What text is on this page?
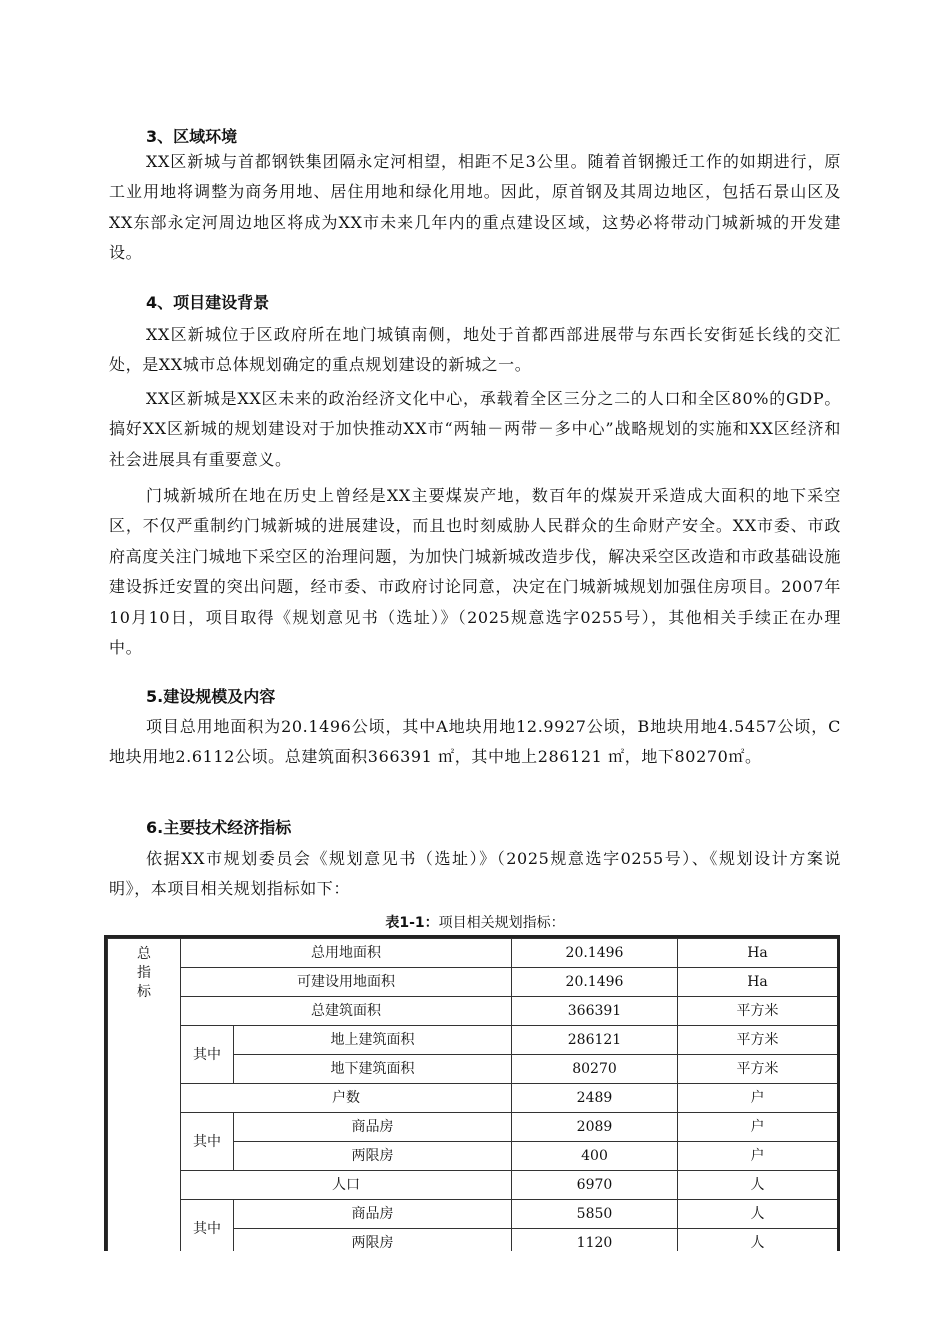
3、区域环境

XX区新城与首都钢铁集团隔永定河相望，相距不足3公里。随着首钢搬迁工作的如期进行，原工业用地将调整为商务用地、居住用地和绿化用地。因此，原首钢及其周边地区，包括石景山区及XX东部永定河周边地区将成为XX市未来几年内的重点建设区域，这势必将带动门城新城的开发建设。

4、项目建设背景

XX区新城位于区政府所在地门城镇南侧，地处于首都西部进展带与东西长安街延长线的交汇处，是XX城市总体规划确定的重点规划建设的新城之一。

XX区新城是XX区未来的政治经济文化中心，承载着全区三分之二的人口和全区80%的GDP。搞好XX区新城的规划建设对于加快推动XX市“两轴－两带－多中心”战略规划的实施和XX区经济和社会进展具有重要意义。

门城新城所在地在历史上曾经是XX主要煤炭产地，数百年的煤炭开采造成大面积的地下采空区，不仅严重制约门城新城的进展建设，而且也时刻威胁人民群众的生命财产安全。XX市委、市政府高度关注门城地下采空区的治理问题，为加快门城新城改造步伐，解决采空区改造和市政基础设施建设拆迁安置的突出问题，经市委、市政府讨论同意，决定在门城新城规划加强住房项目。2007年10月10日，项目取得《规划意见书（选址）》（2025规意选字0255号），其他相关手续正在办理中。

5.建设规模及内容

项目总用地面积为20.1496公顷，其中A地块用地12.9927公顷，B地块用地4.5457公顷，C地块用地2.6112公顷。总建筑面积366391 ㎡，其中地上286121 ㎡，地下80270㎡。

6.主要技术经济指标

依据XX市规划委员会《规划意见书（选址）》（2025规意选字0255号）、《规划设计方案说明》，本项目相关规划指标如下：

表1-1：项目相关规划指标：
总
指
标	总用地面积		20.1496	Ha
	可建设用地面积		20.1496	Ha
	总建筑面积		366391	平方米
	其中	地上建筑面积	286121	平方米
		地下建筑面积	80270	平方米
	户数		2489	户
	其中	商品房	2089	户
		两限房	400	户
	人口		6970	人
	其中	商品房	5850	人
		两限房	1120	人
